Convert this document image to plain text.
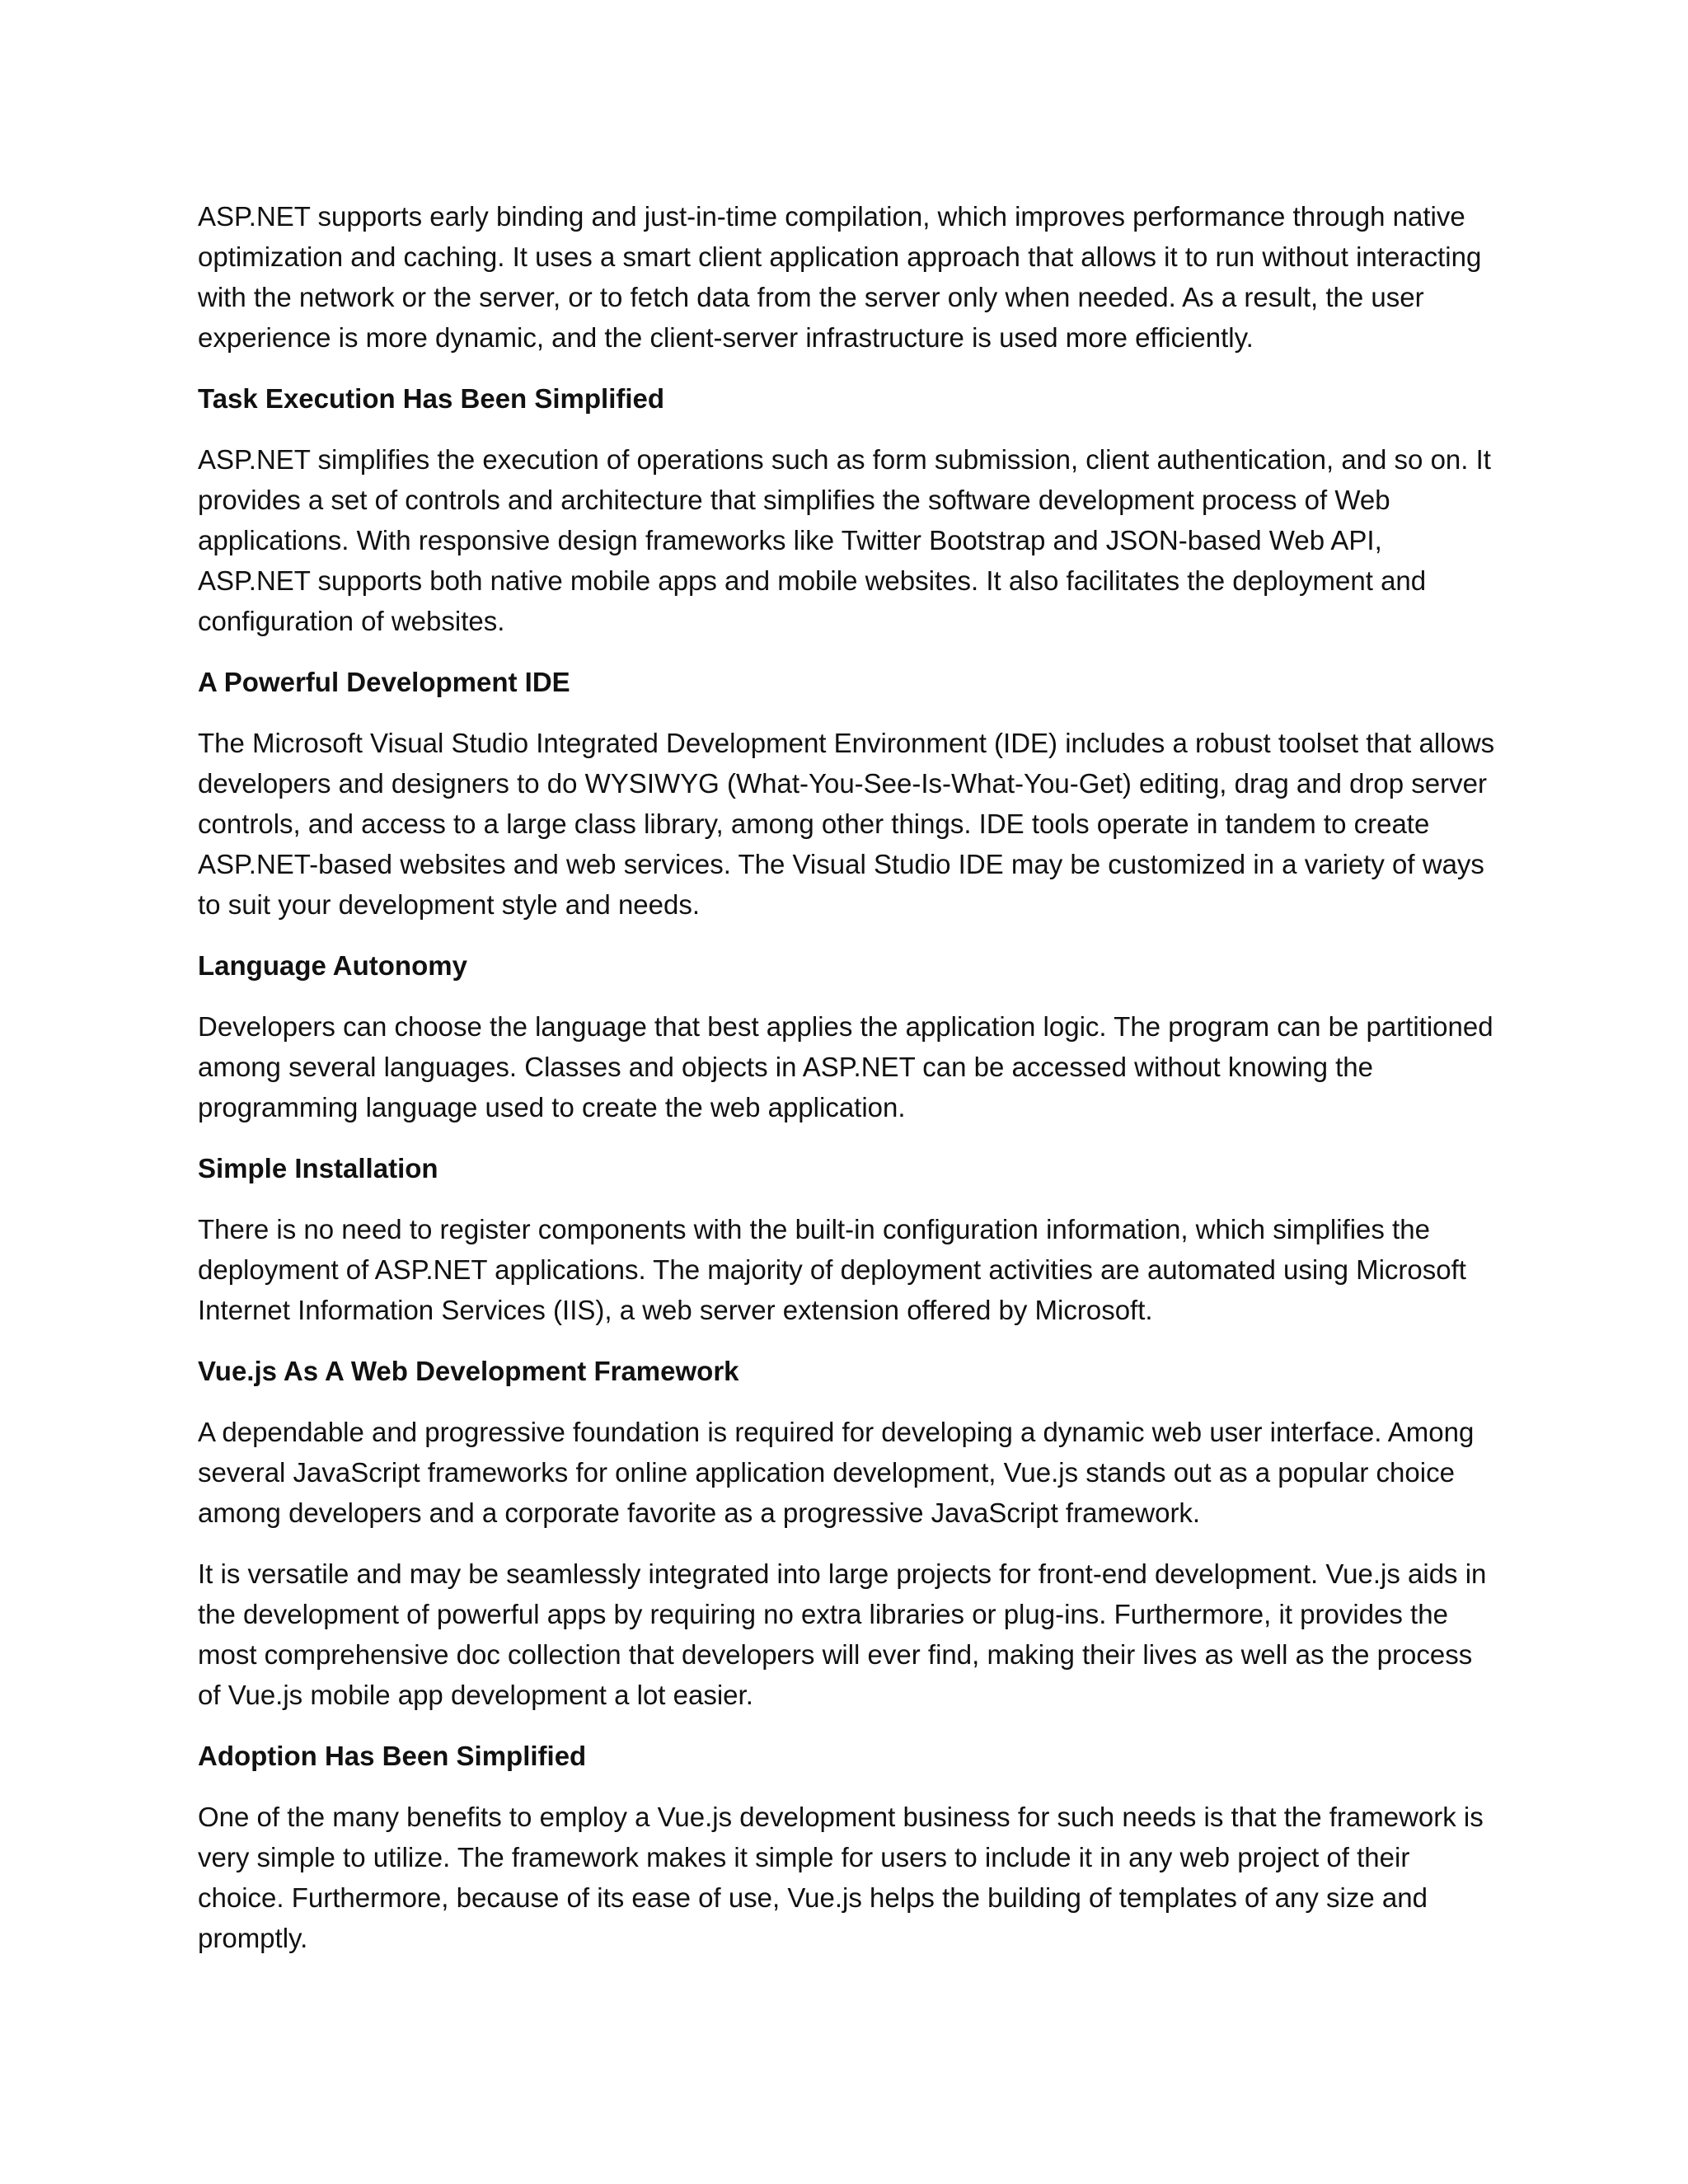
ASP.NET supports early binding and just-in-time compilation, which improves performance through native optimization and caching. It uses a smart client application approach that allows it to run without interacting with the network or the server, or to fetch data from the server only when needed. As a result, the user experience is more dynamic, and the client-server infrastructure is used more efficiently.

Task Execution Has Been Simplified

ASP.NET simplifies the execution of operations such as form submission, client authentication, and so on. It provides a set of controls and architecture that simplifies the software development process of Web applications. With responsive design frameworks like Twitter Bootstrap and JSON-based Web API, ASP.NET supports both native mobile apps and mobile websites. It also facilitates the deployment and configuration of websites.

A Powerful Development IDE

The Microsoft Visual Studio Integrated Development Environment (IDE) includes a robust toolset that allows developers and designers to do WYSIWYG (What-You-See-Is-What-You-Get) editing, drag and drop server controls, and access to a large class library, among other things. IDE tools operate in tandem to create ASP.NET-based websites and web services. The Visual Studio IDE may be customized in a variety of ways to suit your development style and needs.

Language Autonomy

Developers can choose the language that best applies the application logic. The program can be partitioned among several languages. Classes and objects in ASP.NET can be accessed without knowing the programming language used to create the web application.

Simple Installation

There is no need to register components with the built-in configuration information, which simplifies the deployment of ASP.NET applications. The majority of deployment activities are automated using Microsoft Internet Information Services (IIS), a web server extension offered by Microsoft.

Vue.js As A Web Development Framework

A dependable and progressive foundation is required for developing a dynamic web user interface. Among several JavaScript frameworks for online application development, Vue.js stands out as a popular choice among developers and a corporate favorite as a progressive JavaScript framework.

It is versatile and may be seamlessly integrated into large projects for front-end development. Vue.js aids in the development of powerful apps by requiring no extra libraries or plug-ins. Furthermore, it provides the most comprehensive doc collection that developers will ever find, making their lives as well as the process of Vue.js mobile app development a lot easier.

Adoption Has Been Simplified

One of the many benefits to employ a Vue.js development business for such needs is that the framework is very simple to utilize. The framework makes it simple for users to include it in any web project of their choice. Furthermore, because of its ease of use, Vue.js helps the building of templates of any size and promptly.
